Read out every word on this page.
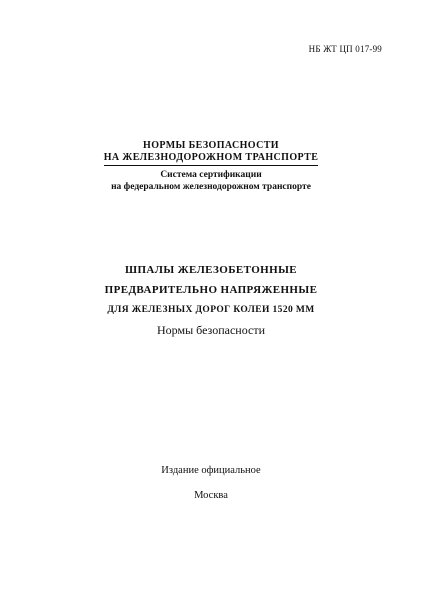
НБ ЖТ ЦП 017-99
НОРМЫ БЕЗОПАСНОСТИ
НА ЖЕЛЕЗНОДОРОЖНОМ ТРАНСПОРТЕ
Система сертификации
на федеральном железнодорожном транспорте
ШПАЛЫ ЖЕЛЕЗОБЕТОННЫЕ
ПРЕДВАРИТЕЛЬНО НАПРЯЖЕННЫЕ
ДЛЯ ЖЕЛЕЗНЫХ ДОРОГ КОЛЕИ 1520 ММ
Нормы безопасности
Издание официальное
Москва
